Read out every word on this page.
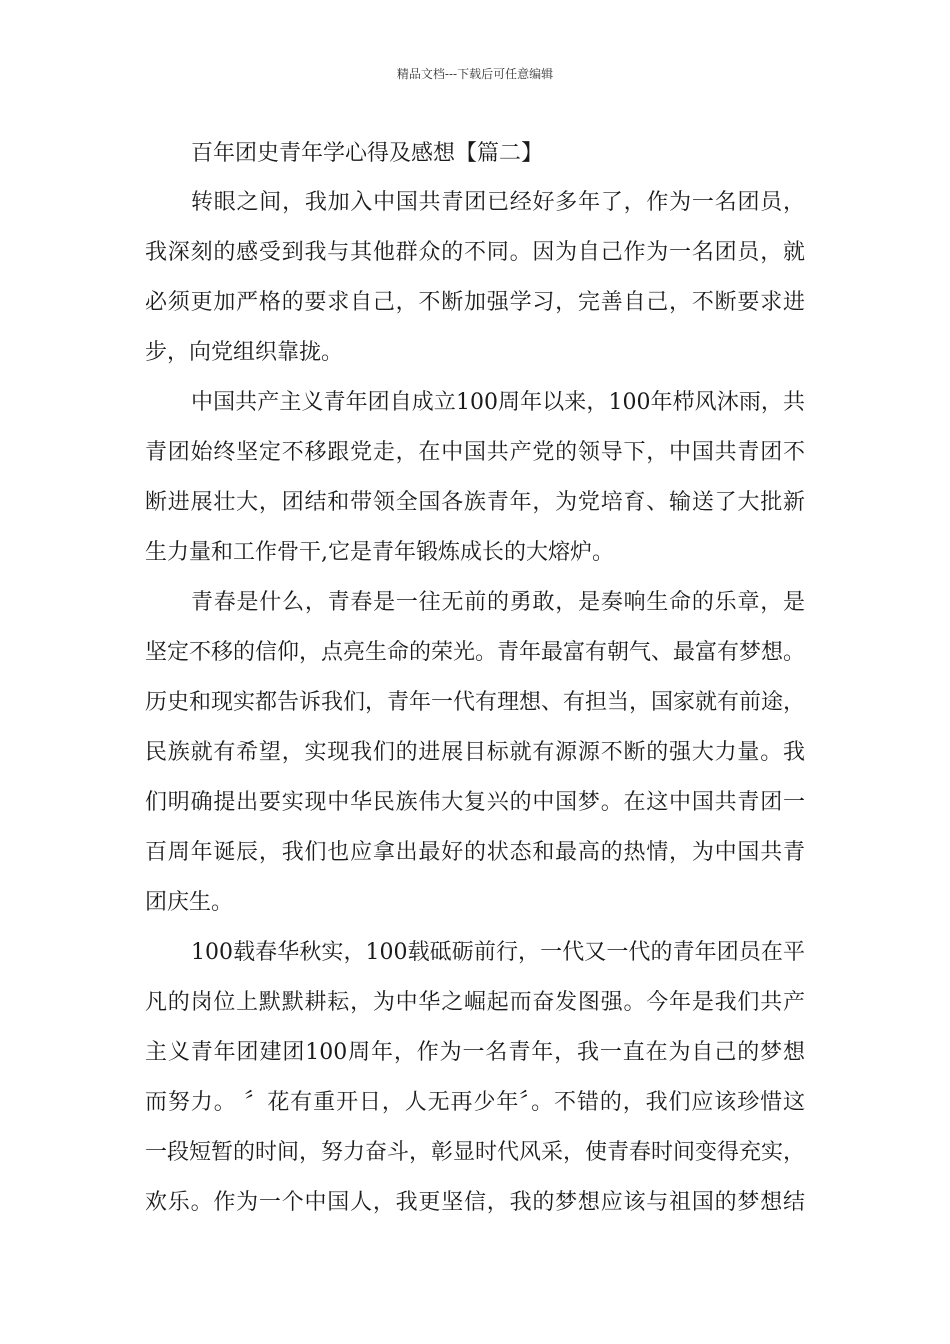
精品文档---下载后可任意编辑
百年团史青年学心得及感想【篇二】
转眼之间，我加入中国共青团已经好多年了，作为一名团员，
我深刻的感受到我与其他群众的不同。因为自己作为一名团员，就
必须更加严格的要求自己，不断加强学习，完善自己，不断要求进
步，向党组织靠拢。
中国共产主义青年团自成立100周年以来，100年栉风沐雨，共
青团始终坚定不移跟党走，在中国共产党的领导下，中国共青团不
断进展壮大，团结和带领全国各族青年，为党培育、输送了大批新
生力量和工作骨干,它是青年锻炼成长的大熔炉。
青春是什么，青春是一往无前的勇敢，是奏响生命的乐章，是
坚定不移的信仰，点亮生命的荣光。青年最富有朝气、最富有梦想。
历史和现实都告诉我们，青年一代有理想、有担当，国家就有前途，
民族就有希望，实现我们的进展目标就有源源不断的强大力量。我
们明确提出要实现中华民族伟大复兴的中国梦。在这中国共青团一
百周年诞辰，我们也应拿出最好的状态和最高的热情，为中国共青
团庆生。
100载春华秋实，100载砥砺前行，一代又一代的青年团员在平
凡的岗位上默默耕耘，为中华之崛起而奋发图强。今年是我们共产
主义青年团建团100周年，作为一名青年，我一直在为自己的梦想
而努力。 〞花有重开日，人无再少年〞。不错的，我们应该珍惜这
一段短暂的时间，努力奋斗，彰显时代风采，使青春时间变得充实，
欢乐。作为一个中国人，我更坚信，我的梦想应该与祖国的梦想结
